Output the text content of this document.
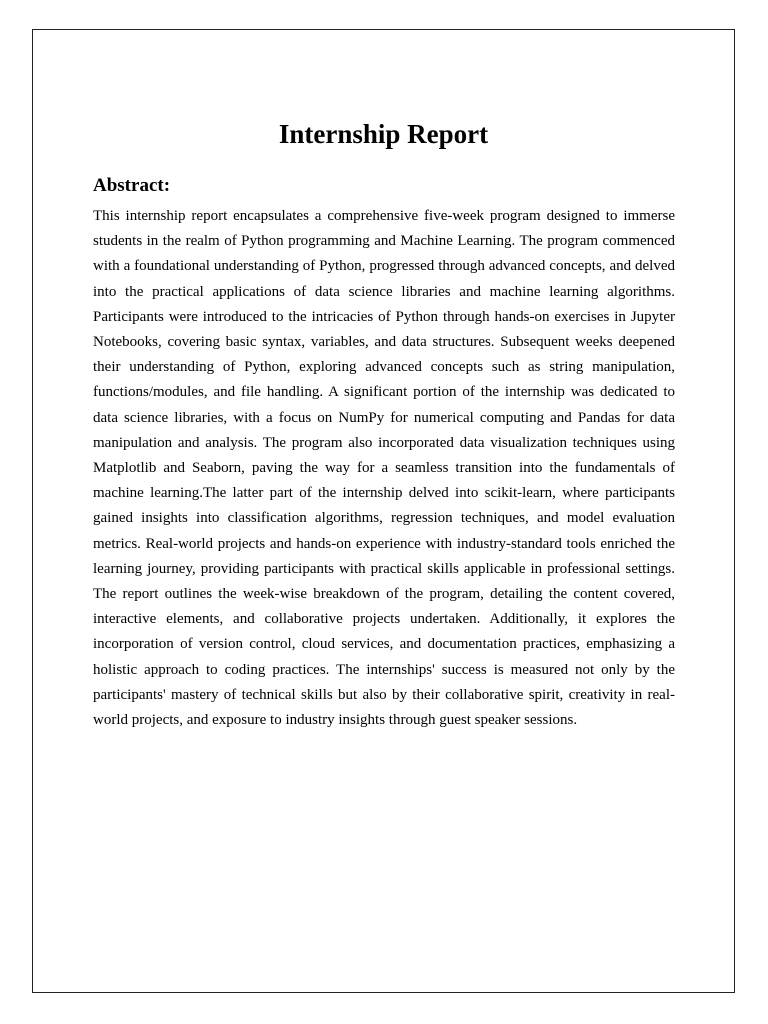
Internship Report
Abstract:

This internship report encapsulates a comprehensive five-week program designed to immerse students in the realm of Python programming and Machine Learning. The program commenced with a foundational understanding of Python, progressed through advanced concepts, and delved into the practical applications of data science libraries and machine learning algorithms. Participants were introduced to the intricacies of Python through hands-on exercises in Jupyter Notebooks, covering basic syntax, variables, and data structures. Subsequent weeks deepened their understanding of Python, exploring advanced concepts such as string manipulation, functions/modules, and file handling. A significant portion of the internship was dedicated to data science libraries, with a focus on NumPy for numerical computing and Pandas for data manipulation and analysis. The program also incorporated data visualization techniques using Matplotlib and Seaborn, paving the way for a seamless transition into the fundamentals of machine learning.The latter part of the internship delved into scikit-learn, where participants gained insights into classification algorithms, regression techniques, and model evaluation metrics. Real-world projects and hands-on experience with industry-standard tools enriched the learning journey, providing participants with practical skills applicable in professional settings. The report outlines the week-wise breakdown of the program, detailing the content covered, interactive elements, and collaborative projects undertaken. Additionally, it explores the incorporation of version control, cloud services, and documentation practices, emphasizing a holistic approach to coding practices. The internships' success is measured not only by the participants' mastery of technical skills but also by their collaborative spirit, creativity in real-world projects, and exposure to industry insights through guest speaker sessions.
